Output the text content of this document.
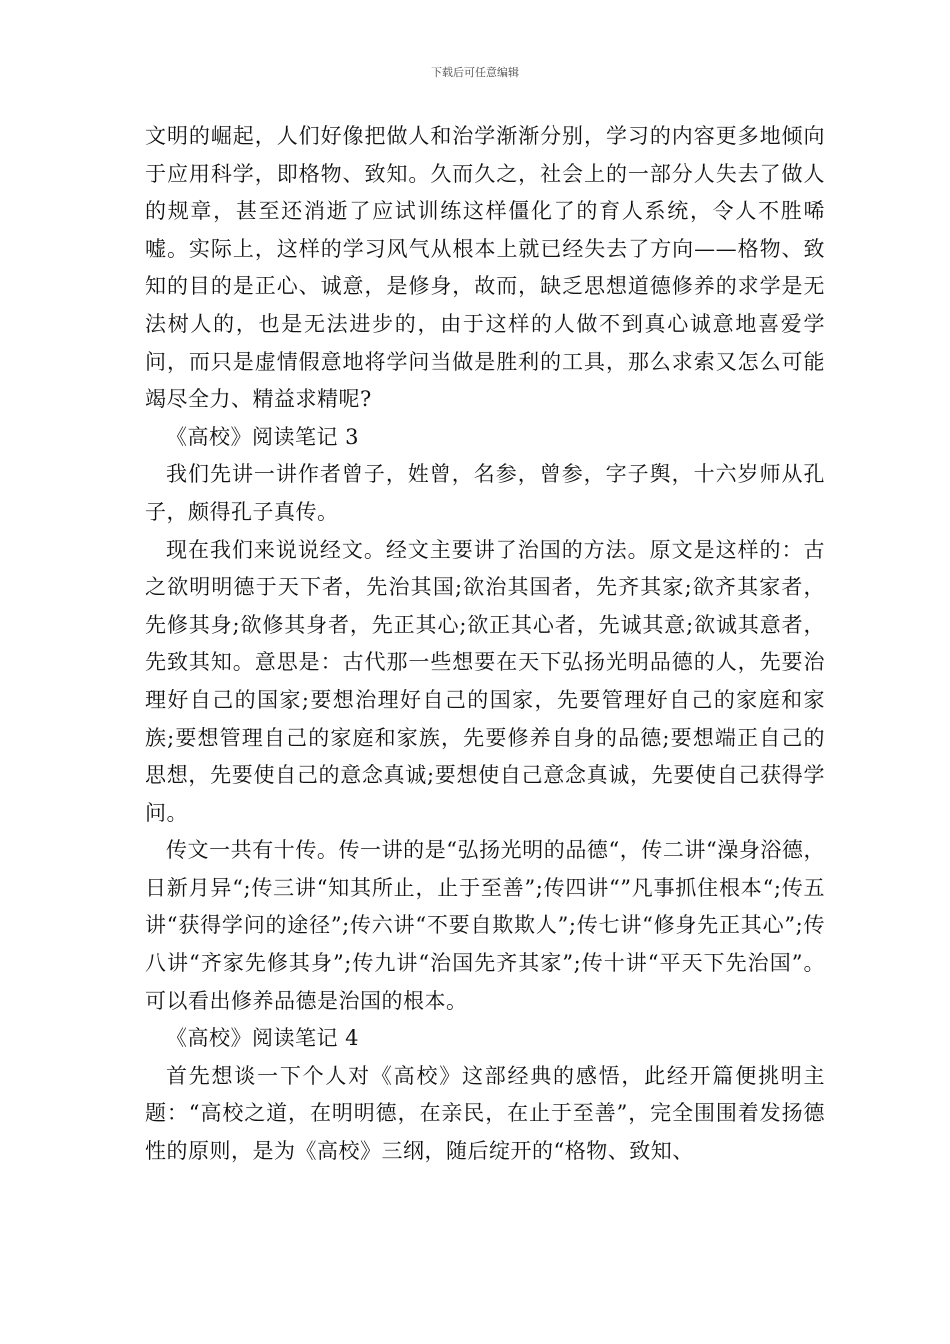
下载后可任意编辑

文明的崛起，人们好像把做人和治学渐渐分别，学习的内容更多地倾向于应用科学，即格物、致知。久而久之，社会上的一部分人失去了做人的规章，甚至还消逝了应试训练这样僵化了的育人系统，令人不胜唏嘘。实际上，这样的学习风气从根本上就已经失去了方向——格物、致知的目的是正心、诚意，是修身，故而，缺乏思想道德修养的求学是无法树人的，也是无法进步的，由于这样的人做不到真心诚意地喜爱学问，而只是虚情假意地将学问当做是胜利的工具，那么求索又怎么可能竭尽全力、精益求精呢?

《高校》阅读笔记 3

我们先讲一讲作者曾子，姓曾，名参，曾参，字子舆，十六岁师从孔子，颇得孔子真传。

现在我们来说说经文。经文主要讲了治国的方法。原文是这样的：古之欲明明德于天下者，先治其国;欲治其国者，先齐其家;欲齐其家者，先修其身;欲修其身者，先正其心;欲正其心者，先诚其意;欲诚其意者，先致其知。意思是：古代那一些想要在天下弘扬光明品德的人，先要治理好自己的国家;要想治理好自己的国家，先要管理好自己的家庭和家族;要想管理自己的家庭和家族，先要修养自身的品德;要想端正自己的思想，先要使自己的意念真诚;要想使自己意念真诚，先要使自己获得学问。

传文一共有十传。传一讲的是“弘扬光明的品德“，传二讲“澡身浴德，日新月异“;传三讲“知其所止，止于至善”;传四讲“”凡事抓住根本“;传五讲“获得学问的途径”;传六讲“不要自欺欺人”;传七讲“修身先正其心”;传八讲“齐家先修其身”;传九讲“治国先齐其家”;传十讲“平天下先治国”。可以看出修养品德是治国的根本。

《高校》阅读笔记 4

首先想谈一下个人对《高校》这部经典的感悟，此经开篇便挑明主题：“高校之道，在明明德，在亲民，在止于至善”，完全围围着发扬德性的原则，是为《高校》三纲，随后绽开的“格物、致知、
